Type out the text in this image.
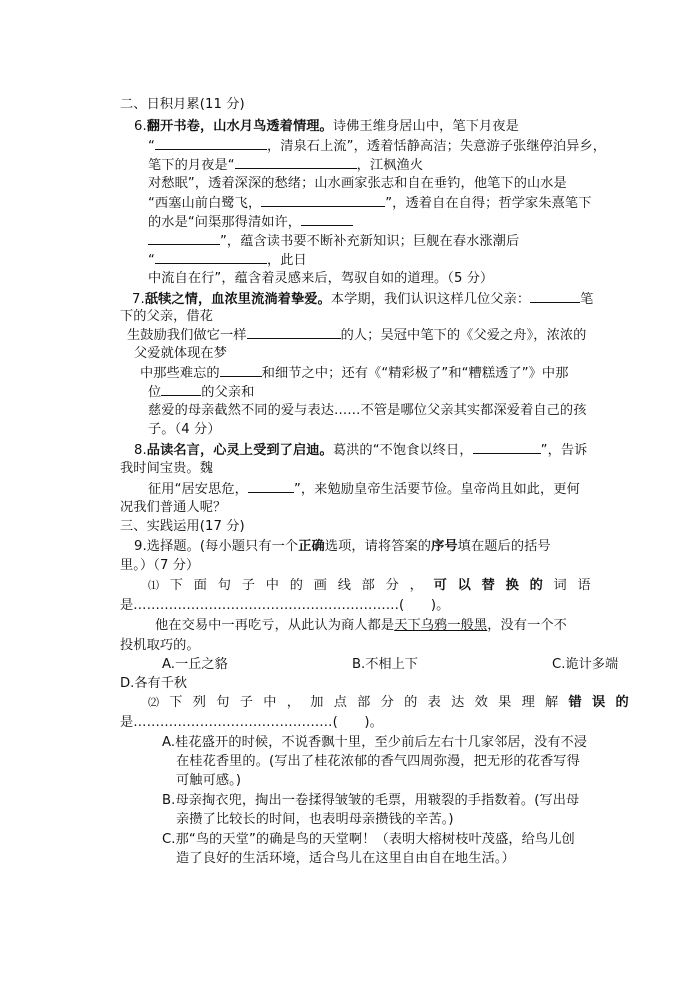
二、日积月累(11 分)
6.翻开书卷，山水月鸟透着情理。诗佛王维身居山中，笔下月夜是
“	，清泉石上流”，透着恬静高洁；失意游子张继停泊异乡，
笔下的月夜是“	，江枫渔火
对愁眠”，透着深深的愁绪；山水画家张志和自在垂钓，他笔下的山水是
“西塞山前白鹭飞，	”，透着自在自得；哲学家朱熹笔下
的水是“问渠那得清如许，
”，蕴含读书要不断补充新知识；巨舰在春水涨潮后
“	，此日
中流自在行”，蕴含着灵感来后，驾驭自如的道理。（5 分）
7.舐犊之情，血浓里流淌着挚爱。本学期，我们认识这样几位父亲：	笔
下的父亲，借花
生鼓励我们做它一样	的人；吴冠中笔下的《父爱之舟》，浓浓的
父爱就体现在梦
中那些难忘的	和细节之中；还有《“精彩极了”和“糟糕透了”》中那
位	的父亲和
慈爱的母亲截然不同的爱与表达……不管是哪位父亲其实都深爱着自己的孩
子。（4 分）
8.品读名言，心灵上受到了启迪。葛洪的“不饱食以终日，	”，告诉
我时间宝贵。魏
征用“居安思危，	”，来勉励皇帝生活要节俭。皇帝尚且如此，更何
况我们普通人呢？
三、实践运用(17 分)
9.选择题。(每小题只有一个正确选项，请将答案的序号填在题后的括号
里。）（7 分）
⑴ 下 面 句 子 中 的 画 线 部 分 ， 可 以 替 换 的 词 语
是……………………………………………………(　　)。
他在交易中一再吃亏，从此认为商人都是天下乌鸦一般黑，没有一个不
投机取巧的。
A.一丘之貉	B.不相上下	C.诡计多端
D.各有千秋
⑵ 下 列 句 子 中 ， 加 点 部 分 的 表 达 效 果 理 解 错 误 的
是………………………………………(　　)。
A.桂花盛开的时候，不说香飘十里，至少前后左右十几家邻居，没有不浸
在桂花香里的。(写出了桂花浓郁的香气四周弥漫，把无形的花香写得
可触可感。)
B.母亲掏衣兜，掏出一卷揉得皱皱的毛票，用皲裂的手指数着。(写出母
亲攒了比较长的时间，也表明母亲攒钱的辛苦。)
C.那“鸟的天堂”的确是鸟的天堂啊！（表明大榕树枝叶茂盛，给鸟儿创
造了良好的生活环境，适合鸟儿在这里自由自在地生活。）
